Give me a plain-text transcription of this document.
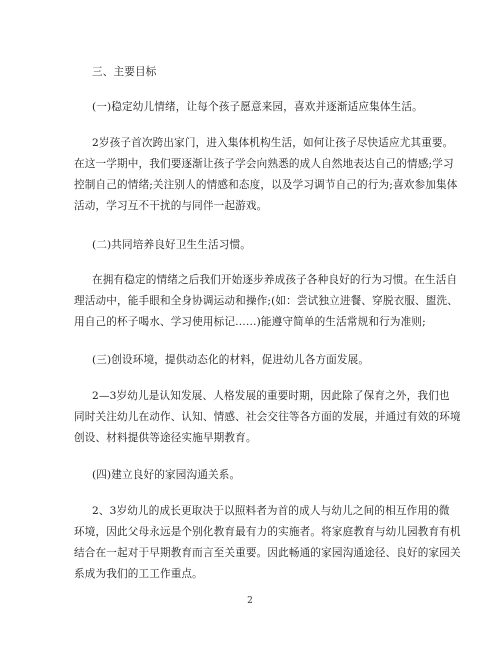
三、主要目标
(一)稳定幼儿情绪，让每个孩子愿意来园，喜欢并逐渐适应集体生活。
2岁孩子首次跨出家门，进入集体机构生活，如何让孩子尽快适应尤其重要。
在这一学期中，我们要逐渐让孩子学会向熟悉的成人自然地表达自己的情感;学习
控制自己的情绪;关注别人的情感和态度，以及学习调节自己的行为;喜欢参加集体
活动，学习互不干扰的与同伴一起游戏。
(二)共同培养良好卫生生活习惯。
在拥有稳定的情绪之后我们开始逐步养成孩子各种良好的行为习惯。在生活自
理活动中，能手眼和全身协调运动和操作;(如：尝试独立进餐、穿脱衣服、盥洗、
用自己的杯子喝水、学习使用标记……)能遵守简单的生活常规和行为准则;
(三)创设环境，提供动态化的材料，促进幼儿各方面发展。
2—3岁幼儿是认知发展、人格发展的重要时期，因此除了保育之外，我们也
同时关注幼儿在动作、认知、情感、社会交往等各方面的发展，并通过有效的环境
创设、材料提供等途径实施早期教育。
(四)建立良好的家园沟通关系。
2、3岁幼儿的成长更取决于以照料者为首的成人与幼儿之间的相互作用的微
环境，因此父母永远是个别化教育最有力的实施者。将家庭教育与幼儿园教育有机
结合在一起对于早期教育而言至关重要。因此畅通的家园沟通途径、良好的家园关
系成为我们的工工作重点。
2
